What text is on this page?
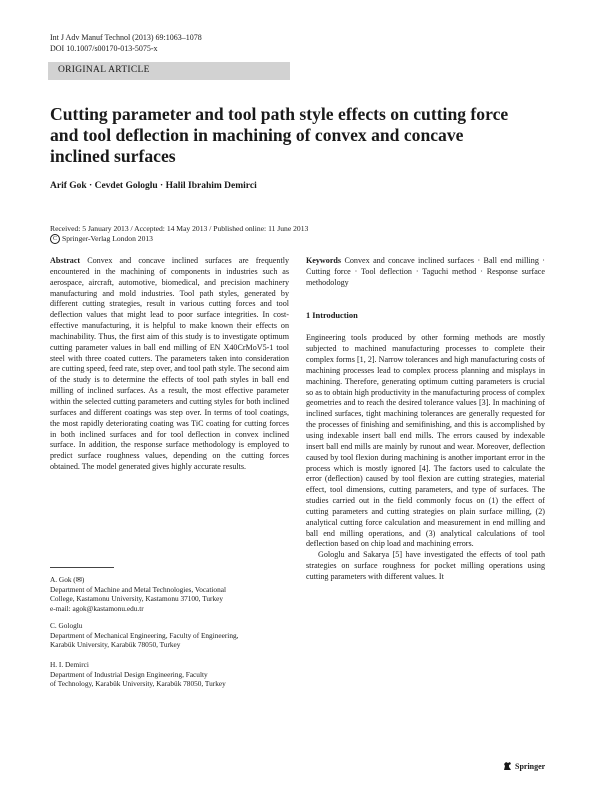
Int J Adv Manuf Technol (2013) 69:1063–1078
DOI 10.1007/s00170-013-5075-x
ORIGINAL ARTICLE
Cutting parameter and tool path style effects on cutting force and tool deflection in machining of convex and concave inclined surfaces
Arif Gok · Cevdet Gologlu · Halil Ibrahim Demirci
Received: 5 January 2013 / Accepted: 14 May 2013 / Published online: 11 June 2013
C Springer-Verlag London 2013
Abstract Convex and concave inclined surfaces are frequently encountered in the machining of components in industries such as aerospace, aircraft, automotive, biomedical, and precision machinery manufacturing and mold industries. Tool path styles, generated by different cutting strategies, result in various cutting forces and tool deflection values that might lead to poor surface integrities. In cost-effective manufacturing, it is helpful to make known their effects on machinability. Thus, the first aim of this study is to investigate optimum cutting parameter values in ball end milling of EN X40CrMoV5-1 tool steel with three coated cutters. The parameters taken into consideration are cutting speed, feed rate, step over, and tool path style. The second aim of the study is to determine the effects of tool path styles in ball end milling of inclined surfaces. As a result, the most effective parameter within the selected cutting parameters and cutting styles for both inclined surfaces and different coatings was step over. In terms of tool coatings, the most rapidly deteriorating coating was TiC coating for cutting forces in both inclined surfaces and for tool deflection in convex inclined surface. In addition, the response surface methodology is employed to predict surface roughness values, depending on the cutting forces obtained. The model generated gives highly accurate results.
A. Gok (✉)
Department of Machine and Metal Technologies, Vocational
College, Kastamonu University, Kastamonu 37100, Turkey
e-mail: agok@kastamonu.edu.tr
C. Gologlu
Department of Mechanical Engineering, Faculty of Engineering,
Karabük University, Karabük 78050, Turkey
H. I. Demirci
Department of Industrial Design Engineering, Faculty
of Technology, Karabük University, Karabük 78050, Turkey
Keywords Convex and concave inclined surfaces · Ball end milling · Cutting force · Tool deflection · Taguchi method · Response surface methodology
1 Introduction
Engineering tools produced by other forming methods are mostly subjected to machined manufacturing processes to complete their complex forms [1, 2]. Narrow tolerances and high manufacturing costs of machining processes lead to complex process planning and misplays in machining. Therefore, generating optimum cutting parameters is crucial so as to obtain high productivity in the manufacturing process of complex geometries and to reach the desired tolerance values [3]. In machining of inclined surfaces, tight machining tolerances are generally requested for the processes of finishing and semifinishing, and this is accomplished by using indexable insert ball end mills. The errors caused by indexable insert ball end mills are mainly by runout and wear. Moreover, deflection caused by tool flexion during machining is another important error in the process which is mostly ignored [4]. The factors used to calculate the error (deflection) caused by tool flexion are cutting strategies, material effect, tool dimensions, cutting parameters, and type of surfaces. The studies carried out in the field commonly focus on (1) the effect of cutting parameters and cutting strategies on plain surface milling, (2) analytical cutting force calculation and measurement in end milling and ball end milling operations, and (3) analytical calculations of tool deflection based on chip load and machining errors.
Gologlu and Sakarya [5] have investigated the effects of tool path strategies on surface roughness for pocket milling operations using cutting parameters with different values. It
Springer
